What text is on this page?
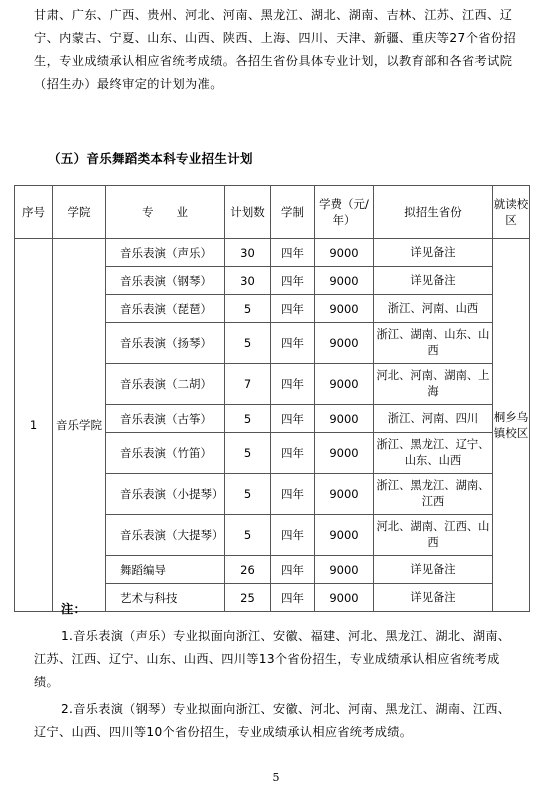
甘肃、广东、广西、贵州、河北、河南、黑龙江、湖北、湖南、吉林、江苏、江西、辽宁、内蒙古、宁夏、山东、山西、陕西、上海、四川、天津、新疆、重庆等27个省份招生，专业成绩承认相应省统考成绩。各招生省份具体专业计划，以教育部和各省考试院（招生办）最终审定的计划为准。

（五）音乐舞蹈类本科专业招生计划
序号	学院	专　　业	计划数	学制	学费（元/年）	拟招生省份	就读校区
1	音乐学院	音乐表演（声乐）	30	四年	9000	详见备注	桐乡乌镇校区
		音乐表演（钢琴）	30	四年	9000	详见备注	
		音乐表演（琵琶）	5	四年	9000	浙江、河南、山西	
		音乐表演（扬琴）	5	四年	9000	浙江、湖南、山东、山西	
		音乐表演（二胡）	7	四年	9000	河北、河南、湖南、上海	
		音乐表演（古筝）	5	四年	9000	浙江、河南、四川	
		音乐表演（竹笛）	5	四年	9000	浙江、黑龙江、辽宁、山东、山西	
		音乐表演（小提琴）	5	四年	9000	浙江、黑龙江、湖南、江西	
		音乐表演（大提琴）	5	四年	9000	河北、湖南、江西、山西	
		舞蹈编导	26	四年	9000	详见备注	
		艺术与科技	25	四年	9000	详见备注	

注：

1.音乐表演（声乐）专业拟面向浙江、安徽、福建、河北、黑龙江、湖北、湖南、江苏、江西、辽宁、山东、山西、四川等13个省份招生，专业成绩承认相应省统考成绩。

2.音乐表演（钢琴）专业拟面向浙江、安徽、河北、河南、黑龙江、湖南、江西、辽宁、山西、四川等10个省份招生，专业成绩承认相应省统考成绩。

5
